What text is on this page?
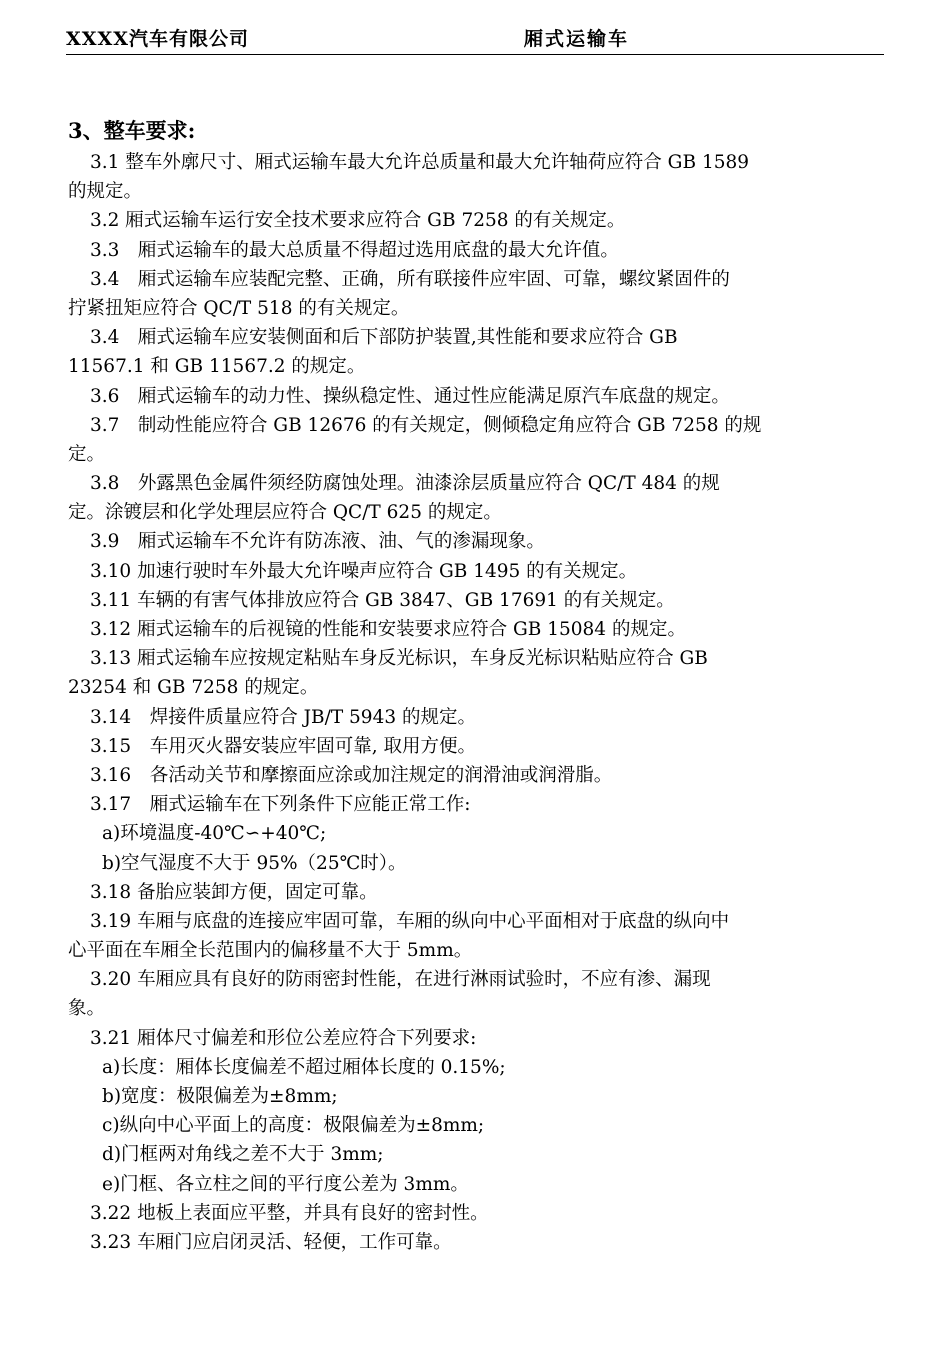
XXXX汽车有限公司	厢式运输车
3、整车要求:
3.1 整车外廓尺寸、厢式运输车最大允许总质量和最大允许轴荷应符合 GB 1589
的规定。
3.2 厢式运输车运行安全技术要求应符合 GB 7258 的有关规定。
3.3　厢式运输车的最大总质量不得超过选用底盘的最大允许值。
3.4　厢式运输车应装配完整、正确，所有联接件应牢固、可靠，螺纹紧固件的
拧紧扭矩应符合 QC/T 518 的有关规定。
3.4　厢式运输车应安装侧面和后下部防护装置,其性能和要求应符合 GB
11567.1 和 GB 11567.2 的规定。
3.6　厢式运输车的动力性、操纵稳定性、通过性应能满足原汽车底盘的规定。
3.7　制动性能应符合 GB 12676 的有关规定，侧倾稳定角应符合 GB 7258 的规
定。
3.8　外露黑色金属件须经防腐蚀处理。油漆涂层质量应符合 QC/T 484 的规
定。涂镀层和化学处理层应符合 QC/T 625 的规定。
3.9　厢式运输车不允许有防冻液、油、气的渗漏现象。
3.10 加速行驶时车外最大允许噪声应符合 GB 1495 的有关规定。
3.11 车辆的有害气体排放应符合 GB 3847、GB 17691 的有关规定。
3.12 厢式运输车的后视镜的性能和安装要求应符合 GB 15084 的规定。
3.13 厢式运输车应按规定粘贴车身反光标识，车身反光标识粘贴应符合 GB
23254 和 GB 7258 的规定。
3.14　焊接件质量应符合 JB/T 5943 的规定。
3.15　车用灭火器安装应牢固可靠, 取用方便。
3.16　各活动关节和摩擦面应涂或加注规定的润滑油或润滑脂。
3.17　厢式运输车在下列条件下应能正常工作:
a)环境温度-40℃∽+40℃;
b)空气湿度不大于 95%（25℃时）。
3.18 备胎应装卸方便，固定可靠。
3.19 车厢与底盘的连接应牢固可靠，车厢的纵向中心平面相对于底盘的纵向中
心平面在车厢全长范围内的偏移量不大于 5mm。
3.20 车厢应具有良好的防雨密封性能，在进行淋雨试验时，不应有渗、漏现
象。
3.21 厢体尺寸偏差和形位公差应符合下列要求:
a)长度：厢体长度偏差不超过厢体长度的 0.15%;
b)宽度：极限偏差为±8mm;
c)纵向中心平面上的高度：极限偏差为±8mm;
d)门框两对角线之差不大于 3mm;
e)门框、各立柱之间的平行度公差为 3mm。
3.22 地板上表面应平整，并具有良好的密封性。
3.23 车厢门应启闭灵活、轻便，工作可靠。
